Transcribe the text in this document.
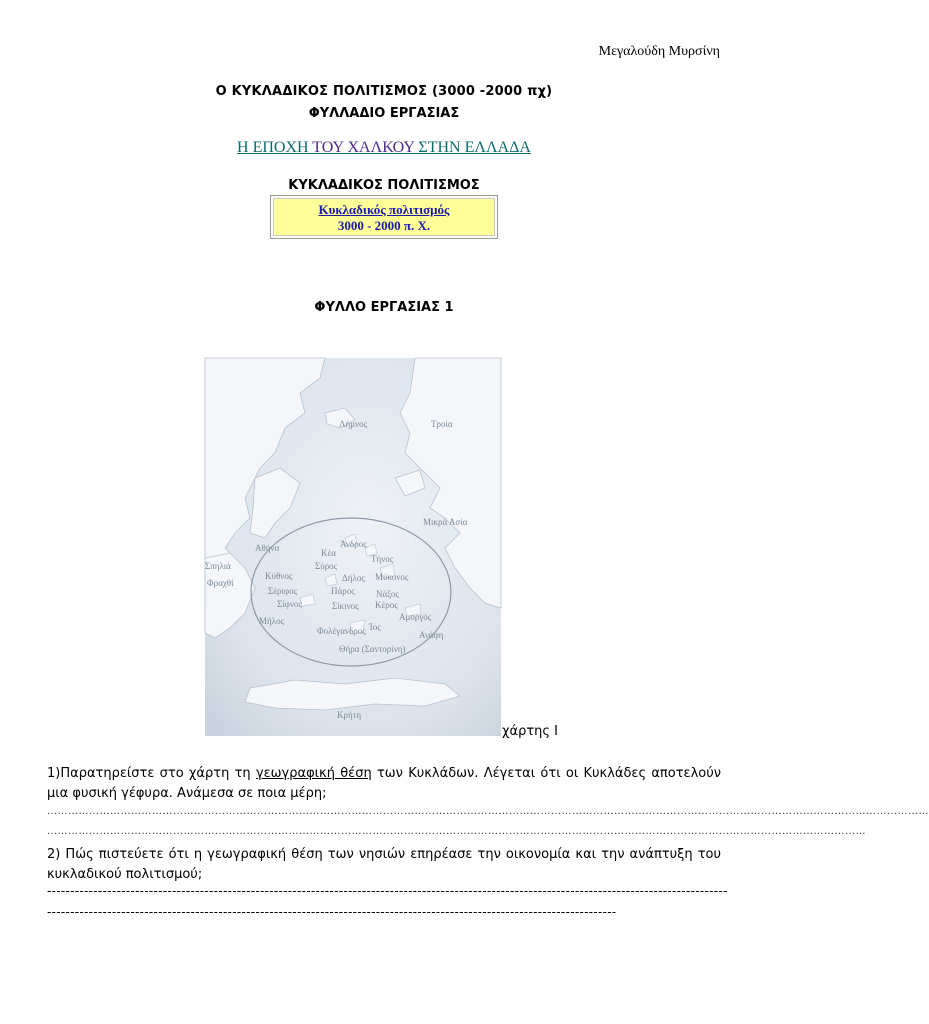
Μεγαλούδη Μυρσίνη
Ο ΚΥΚΛΑΔΙΚΟΣ ΠΟΛΙΤΙΣΜΟΣ (3000 -2000 πχ)
ΦΥΛΛΑΔΙΟ ΕΡΓΑΣΙΑΣ
Η ΕΠΟΧΗ ΤΟΥ ΧΑΛΚΟΥ ΣΤΗΝ ΕΛΛΑΔΑ
ΚΥΚΛΑΔΙΚΟΣ ΠΟΛΙΤΙΣΜΟΣ
Κυκλαδικός πολιτισμός
3000 - 2000 π. Χ.
ΦΥΛΛΟ ΕΡΓΑΣΙΑΣ 1
Λήμνος	Τροία
Μικρά Ασία
Αθήνα	Άνδρος
Κέα
Τήνος
Σύρος
Σπηλιά
Φραχθί
Κύθνος	Δήλος Μύκονος
Σέριφος	Πάρος Νάξος
Σίφνος	Κέρος
Σίκινος
Αμοργός
Μήλος
Ίος
Φολέγανδρος	Ανάφη
Θήρα (Σαντορίνη)
Κρήτη
χάρτης Ι
1)Παρατηρείστε στο χάρτη τη γεωγραφική θέση των Κυκλάδων. Λέγεται ότι οι Κυκλάδες αποτελούν μια φυσική γέφυρα. Ανάμεσα σε ποια μέρη;
………………………………………………………………………………………………………………………………………………………………………………………………………………………………
………………………………………………………………………………………………………………………………………………………………………………………………………………
2) Πώς πιστεύετε ότι η γεωγραφική θέση των νησιών επηρέασε την οικονομία και την ανάπτυξη του κυκλαδικού πολιτισμού;
---------------------------------------------------------------------------------------------------------------------------------------------------
---------------------------------------------------------------------------------------------------------------------------
